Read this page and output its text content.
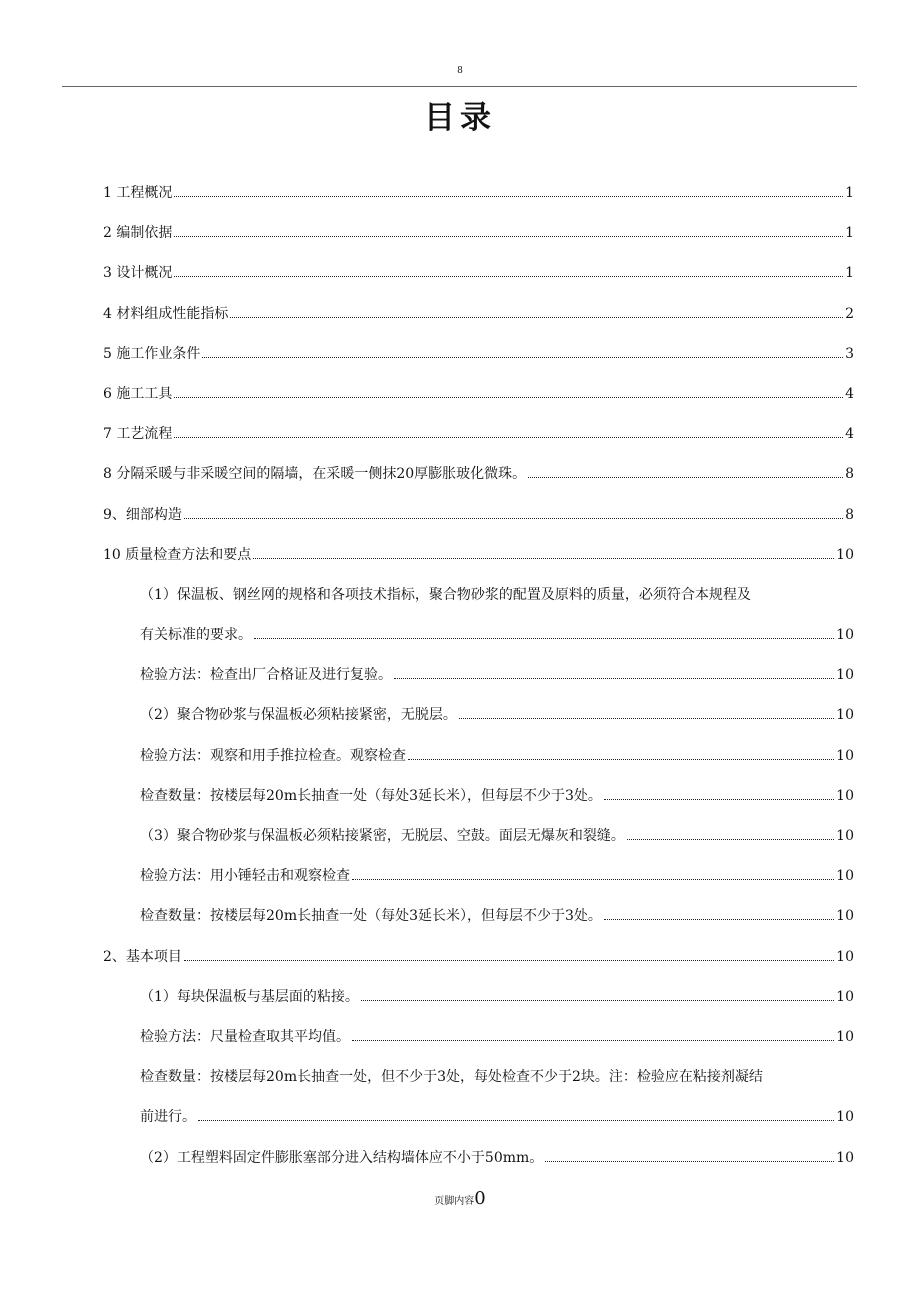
8
目录
1 工程概况	1
2 编制依据	1
3 设计概况	1
4 材料组成性能指标	2
5 施工作业条件	3
6 施工工具	4
7 工艺流程	4
8 分隔采暖与非采暖空间的隔墙，在采暖一侧抹20厚膨胀玻化微珠。	8
9、细部构造	8
10 质量检查方法和要点	10
（1）保温板、钢丝网的规格和各项技术指标，聚合物砂浆的配置及原料的质量，必须符合本规程及
有关标准的要求。	10
检验方法：检查出厂合格证及进行复验。	10
（2）聚合物砂浆与保温板必须粘接紧密，无脱层。	10
检验方法：观察和用手推拉检查。观察检查	10
检查数量：按楼层每20m长抽查一处（每处3延长米），但每层不少于3处。	10
（3）聚合物砂浆与保温板必须粘接紧密，无脱层、空鼓。面层无爆灰和裂缝。	10
检验方法：用小锤轻击和观察检查	10
检查数量：按楼层每20m长抽查一处（每处3延长米），但每层不少于3处。	10
2、基本项目	10
（1）每块保温板与基层面的粘接。	10
检验方法：尺量检查取其平均值。	10
检查数量：按楼层每20m长抽查一处，但不少于3处，每处检查不少于2块。注：检验应在粘接剂凝结
前进行。	10
（2）工程塑料固定件膨胀塞部分进入结构墙体应不小于50mm。	10
页脚内容0
